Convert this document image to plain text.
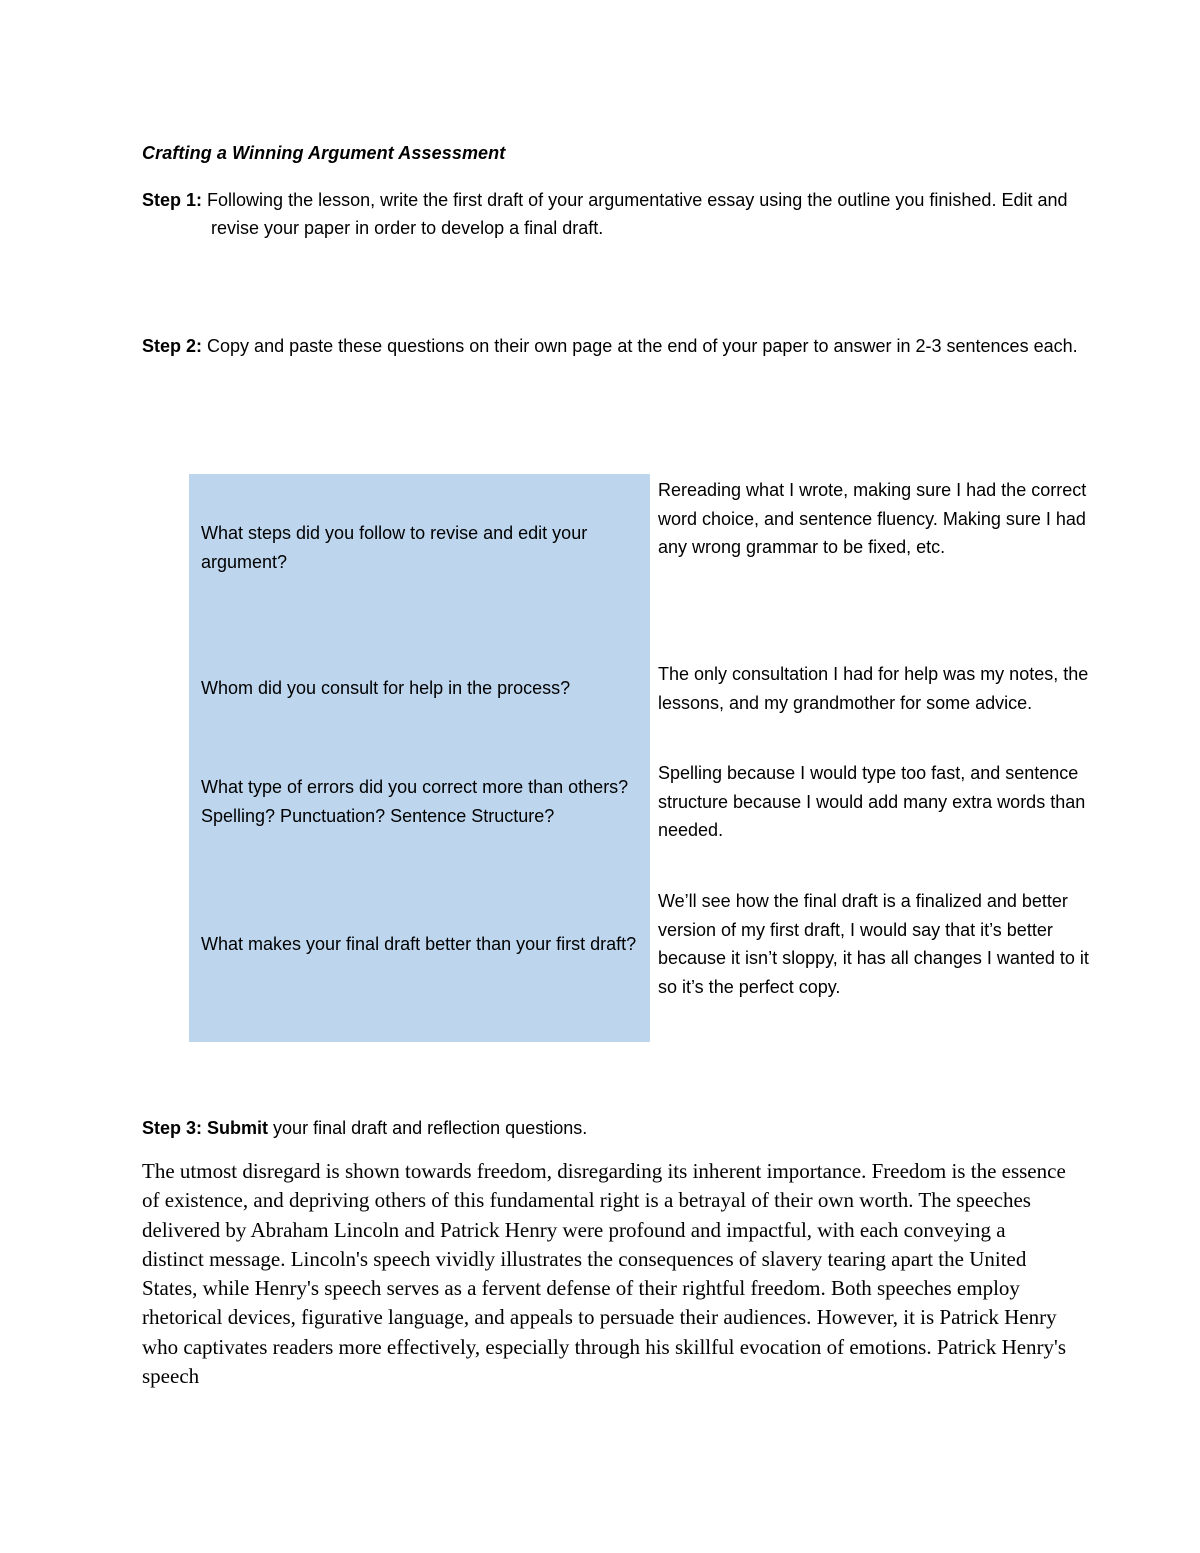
Crafting a Winning Argument Assessment
Step 1: Following the lesson, write the first draft of your argumentative essay using the outline you finished. Edit and revise your paper in order to develop a final draft.
Step 2: Copy and paste these questions on their own page at the end of your paper to answer in 2-3 sentences each.
What steps did you follow to revise and edit your argument?
Rereading what I wrote, making sure I had the correct word choice, and sentence fluency. Making sure I had any wrong grammar to be fixed, etc.
Whom did you consult for help in the process?
The only consultation I had for help was my notes, the lessons, and my grandmother for some advice.
What type of errors did you correct more than others? Spelling? Punctuation? Sentence Structure?
Spelling because I would type too fast, and sentence structure because I would add many extra words than needed.
What makes your final draft better than your first draft?
We’ll see how the final draft is a finalized and better version of my first draft, I would say that it’s better because it isn’t sloppy, it has all changes I wanted to it so it’s the perfect copy.
Step 3: Submit your final draft and reflection questions.

The utmost disregard is shown towards freedom, disregarding its inherent importance. Freedom is the essence of existence, and depriving others of this fundamental right is a betrayal of their own worth. The speeches delivered by Abraham Lincoln and Patrick Henry were profound and impactful, with each conveying a distinct message. Lincoln's speech vividly illustrates the consequences of slavery tearing apart the United States, while Henry's speech serves as a fervent defense of their rightful freedom. Both speeches employ rhetorical devices, figurative language, and appeals to persuade their audiences. However, it is Patrick Henry who captivates readers more effectively, especially through his skillful evocation of emotions. Patrick Henry's speech
